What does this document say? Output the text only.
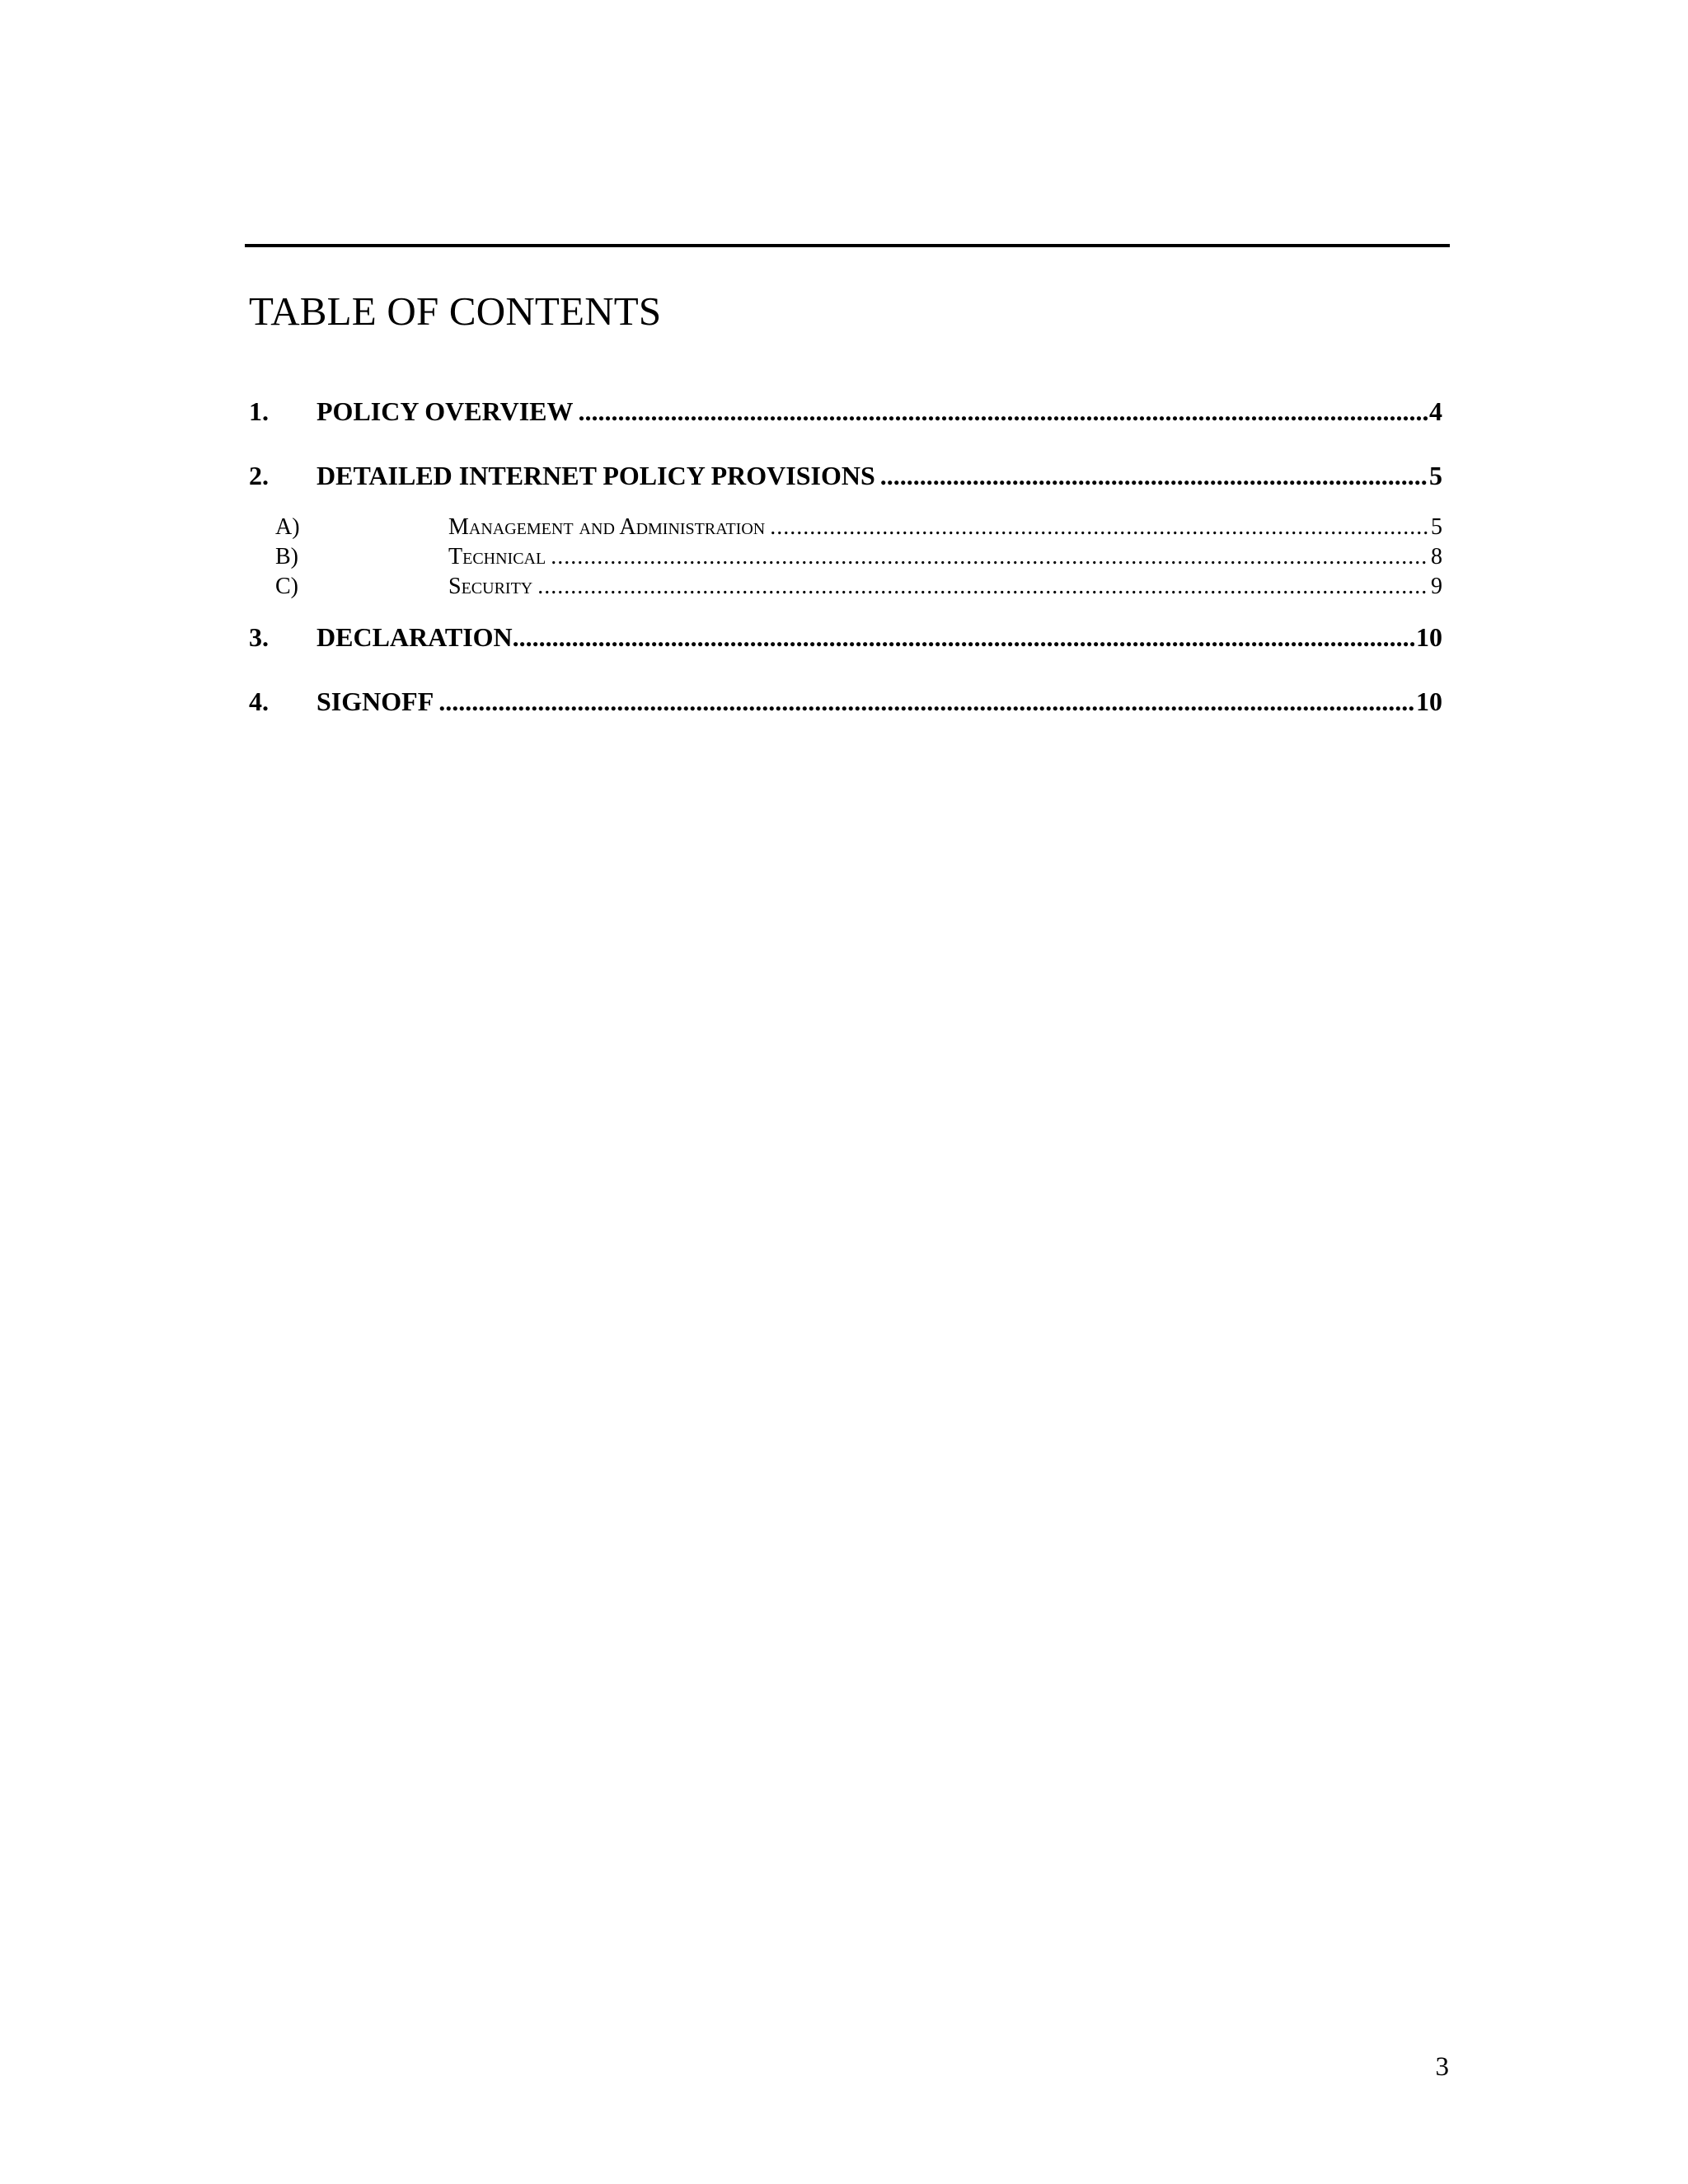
TABLE OF CONTENTS
1.	POLICY OVERVIEW .....	4
2.	DETAILED INTERNET POLICY PROVISIONS .....	5
A)	Management and Administration .....	5
B)	Technical .....	8
C)	Security .....	9
3.	DECLARATION .....	10
4.	SIGNOFF .....	10
3
